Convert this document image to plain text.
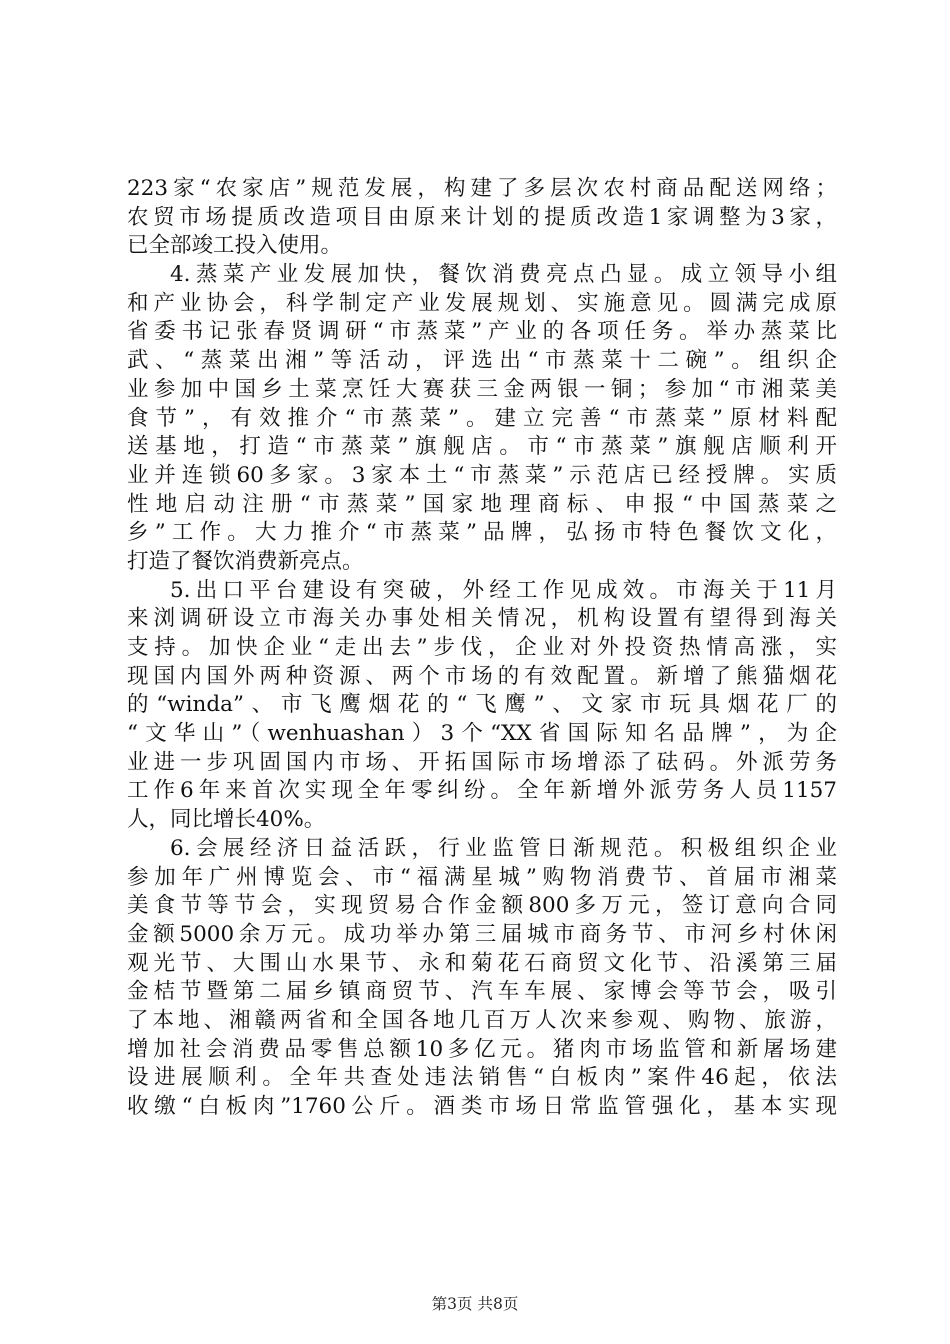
223家“农家店”规范发展，构建了多层次农村商品配送网络；
农贸市场提质改造项目由原来计划的提质改造1家调整为3家，
已全部竣工投入使用。
4.蒸菜产业发展加快，餐饮消费亮点凸显。成立领导小组
和产业协会，科学制定产业发展规划、实施意见。圆满完成原
省委书记张春贤调研“市蒸菜”产业的各项任务。举办蒸菜比
武、“蒸菜出湘”等活动，评选出“市蒸菜十二碗”。组织企
业参加中国乡土菜烹饪大赛获三金两银一铜；参加“市湘菜美
食节”，有效推介“市蒸菜”。建立完善“市蒸菜”原材料配
送基地，打造“市蒸菜”旗舰店。市“市蒸菜”旗舰店顺利开
业并连锁60多家。3家本土“市蒸菜”示范店已经授牌。实质
性地启动注册“市蒸菜”国家地理商标、申报“中国蒸菜之
乡”工作。大力推介“市蒸菜”品牌，弘扬市特色餐饮文化，
打造了餐饮消费新亮点。
5.出口平台建设有突破，外经工作见成效。市海关于11月
来浏调研设立市海关办事处相关情况，机构设置有望得到海关
支持。加快企业“走出去”步伐，企业对外投资热情高涨，实
现国内国外两种资源、两个市场的有效配置。新增了熊猫烟花
的“winda”、市飞鹰烟花的“飞鹰”、文家市玩具烟花厂的
“文华山”（wenhuashan）3个“XX省国际知名品牌”，为企
业进一步巩固国内市场、开拓国际市场增添了砝码。外派劳务
工作6年来首次实现全年零纠纷。全年新增外派劳务人员1157
人，同比增长40%。
6.会展经济日益活跃，行业监管日渐规范。积极组织企业
参加年广州博览会、市“福满星城”购物消费节、首届市湘菜
美食节等节会，实现贸易合作金额800多万元，签订意向合同
金额5000余万元。成功举办第三届城市商务节、市河乡村休闲
观光节、大围山水果节、永和菊花石商贸文化节、沿溪第三届
金桔节暨第二届乡镇商贸节、汽车车展、家博会等节会，吸引
了本地、湘赣两省和全国各地几百万人次来参观、购物、旅游，
增加社会消费品零售总额10多亿元。猪肉市场监管和新屠场建
设进展顺利。全年共查处违法销售“白板肉”案件46起，依法
收缴“白板肉”1760公斤。酒类市场日常监管强化，基本实现
第3页 共8页
